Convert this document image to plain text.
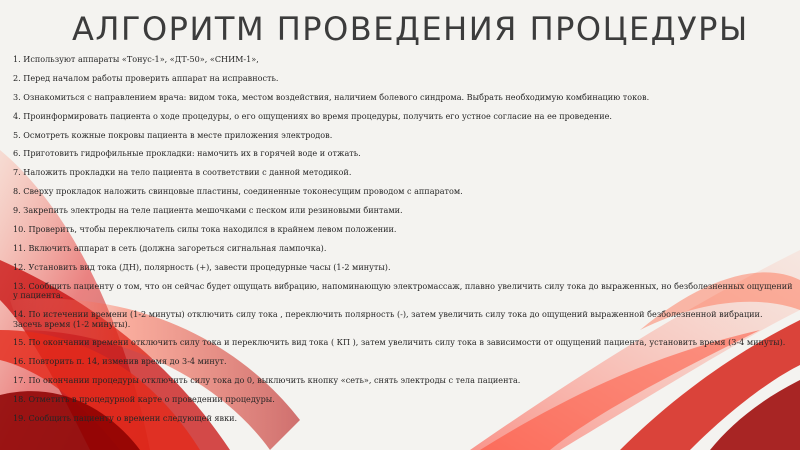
АЛГОРИТМ ПРОВЕДЕНИЯ ПРОЦЕДУРЫ
1. Используют аппараты «Тонус-1», «ДТ-50», «СНИМ-1»,
2. Перед началом работы проверить аппарат на исправность.
3. Ознакомиться с направлением врача: видом тока, местом воздействия, наличием болевого синдрома. Выбрать необходимую комбинацию токов.
4. Проинформировать пациента о ходе процедуры, о его ощущениях во время процедуры, получить его устное согласие на ее проведение.
5. Осмотреть кожные покровы пациента в месте приложения электродов.
6. Приготовить гидрофильные прокладки: намочить их в горячей воде и отжать.
7. Наложить прокладки на тело пациента в соответствии с данной методикой.
8. Сверху прокладок наложить свинцовые пластины, соединенные токонесущим проводом с аппаратом.
9. Закрепить электроды на теле пациента мешочками с песком или резиновыми бинтами.
10. Проверить, чтобы переключатель силы тока находился в крайнем левом положении.
11. Включить аппарат в сеть (должна загореться сигнальная лампочка).
12. Установить вид тока (ДН), полярность (+), завести процедурные часы (1-2 минуты).
13. Сообщить пациенту о том, что он сейчас будет ощущать вибрацию, напоминающую электромассаж, плавно увеличить силу тока до выраженных, но безболезненных ощущений у пациента.
14. По истечении времени (1-2 минуты) отключить силу тока , переключить полярность (-), затем увеличить силу тока до ощущений выраженной безболезненной вибрации. Засечь время (1-2 минуты).
15. По окончании времени отключить силу тока и переключить вид тока ( КП ), затем увеличить силу тока в зависимости от ощущений пациента, установить время (3-4 минуты).
16. Повторить п. 14, изменив время до 3-4 минут.
17. По окончании процедуры отключить силу тока до 0, выключить кнопку «сеть», снять электроды с тела пациента.
18. Отметить в процедурной карте о проведении процедуры.
19. Сообщить пациенту о времени следующей явки.
